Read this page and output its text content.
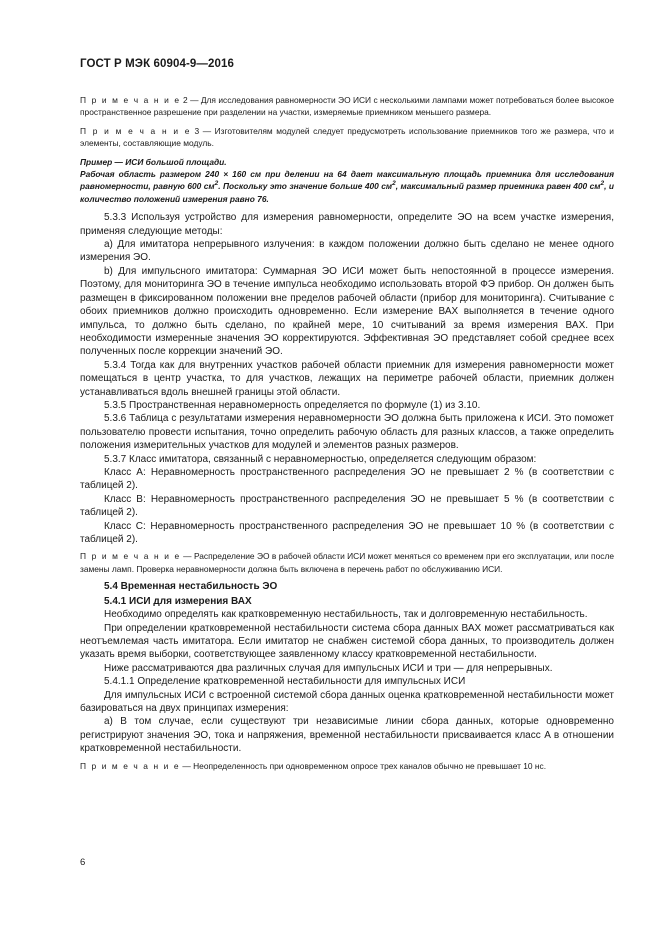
ГОСТ Р МЭК 60904-9—2016

П р и м е ч а н и е 2 — Для исследования равномерности ЭО ИСИ с несколькими лампами может потребоваться более высокое пространственное разрешение при разделении на участки, измеряемые приемником меньшего размера.

П р и м е ч а н и е 3 — Изготовителям модулей следует предусмотреть использование приемников того же размера, что и элементы, составляющие модуль.

Пример — ИСИ большой площади.

Рабочая область размером 240 × 160 см при делении на 64 дает максимальную площадь приемника для исследования равномерности, равную 600 $см^2$. Поскольку это значение больше 400 $см^2$, максимальный размер приемника равен 400 $см^2$, и количество положений измерения равно 76.

5.3.3 Используя устройство для измерения равномерности, определите ЭО на всем участке измерения, применяя следующие методы:

a) Для имитатора непрерывного излучения: в каждом положении должно быть сделано не менее одного измерения ЭО.

b) Для импульсного имитатора: Суммарная ЭО ИСИ может быть непостоянной в процессе измерения. Поэтому, для мониторинга ЭО в течение импульса необходимо использовать второй ФЭ прибор. Он должен быть размещен в фиксированном положении вне пределов рабочей области (прибор для мониторинга). Считывание с обоих приемников должно происходить одновременно. Если измерение ВАХ выполняется в течение одного импульса, то должно быть сделано, по крайней мере, 10 считываний за время измерения ВАХ. При необходимости измеренные значения ЭО корректируются. Эффективная ЭО представляет собой среднее всех полученных после коррекции значений ЭО.

5.3.4 Тогда как для внутренних участков рабочей области приемник для измерения равномерности может помещаться в центр участка, то для участков, лежащих на периметре рабочей области, приемник должен устанавливаться вдоль внешней границы этой области.

5.3.5 Пространственная неравномерность определяется по формуле (1) из 3.10.

5.3.6 Таблица с результатами измерения неравномерности ЭО должна быть приложена к ИСИ. Это поможет пользователю провести испытания, точно определить рабочую область для разных классов, а также определить положения измерительных участков для модулей и элементов разных размеров.

5.3.7 Класс имитатора, связанный с неравномерностью, определяется следующим образом:

Класс A: Неравномерность пространственного распределения ЭО не превышает 2 % (в соответствии с таблицей 2).

Класс B: Неравномерность пространственного распределения ЭО не превышает 5 % (в соответствии с таблицей 2).

Класс C: Неравномерность пространственного распределения ЭО не превышает 10 % (в соответствии с таблицей 2).

П р и м е ч а н и е — Распределение ЭО в рабочей области ИСИ может меняться со временем при его эксплуатации, или после замены ламп. Проверка неравномерности должна быть включена в перечень работ по обслуживанию ИСИ.

5.4 Временная нестабильность ЭО
5.4.1 ИСИ для измерения ВАХ

Необходимо определять как кратковременную нестабильность, так и долговременную нестабильность.

При определении кратковременной нестабильности система сбора данных ВАХ может рассматриваться как неотъемлемая часть имитатора. Если имитатор не снабжен системой сбора данных, то производитель должен указать время выборки, соответствующее заявленному классу кратковременной нестабильности.

Ниже рассматриваются два различных случая для импульсных ИСИ и три — для непрерывных.

5.4.1.1 Определение кратковременной нестабильности для импульсных ИСИ

Для импульсных ИСИ с встроенной системой сбора данных оценка кратковременной нестабильности может базироваться на двух принципах измерения:

a) В том случае, если существуют три независимые линии сбора данных, которые одновременно регистрируют значения ЭО, тока и напряжения, временной нестабильности присваивается класс A в отношении кратковременной нестабильности.

П р и м е ч а н и е — Неопределенность при одновременном опросе трех каналов обычно не превышает 10 нс.

6
